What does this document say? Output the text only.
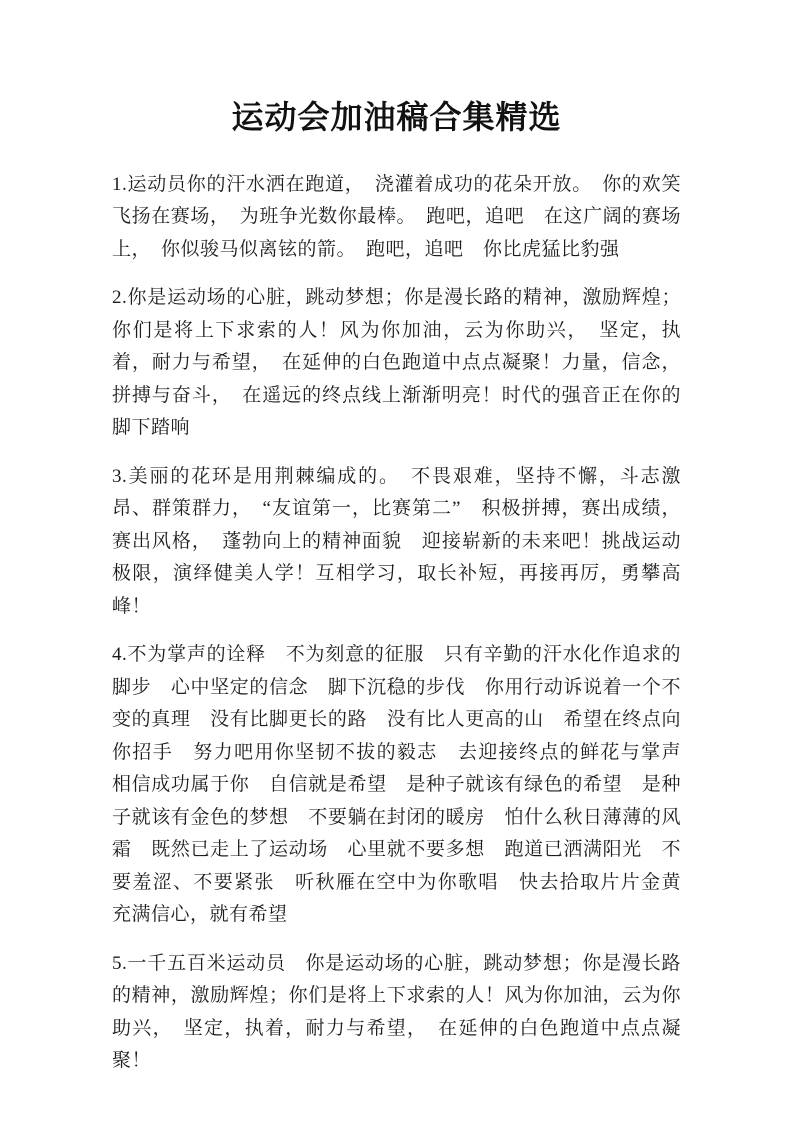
运动会加油稿合集精选

1.运动员你的汗水洒在跑道，　浇灌着成功的花朵开放。　你的欢笑飞扬在赛场，　为班争光数你最棒。　跑吧，追吧　在这广阔的赛场上，　你似骏马似离铉的箭。　跑吧，追吧　你比虎猛比豹强

2.你是运动场的心脏，跳动梦想；你是漫长路的精神，激励辉煌；你们是将上下求索的人！风为你加油，云为你助兴，　坚定，执着，耐力与希望，　在延伸的白色跑道中点点凝聚！力量，信念，拼搏与奋斗，　在遥远的终点线上渐渐明亮！时代的强音正在你的脚下踏响

3.美丽的花环是用荆棘编成的。　不畏艰难，坚持不懈，斗志激昂、群策群力，　“友谊第一，比赛第二”　积极拼搏，赛出成绩，赛出风格，　蓬勃向上的精神面貌　迎接崭新的未来吧！挑战运动极限，演绎健美人学！互相学习，取长补短，再接再厉，勇攀高峰！

4.不为掌声的诠释　不为刻意的征服　只有辛勤的汗水化作追求的脚步　心中坚定的信念　脚下沉稳的步伐　你用行动诉说着一个不变的真理　没有比脚更长的路　没有比人更高的山　希望在终点向你招手　努力吧用你坚韧不拔的毅志　去迎接终点的鲜花与掌声　相信成功属于你　自信就是希望　是种子就该有绿色的希望　是种子就该有金色的梦想　不要躺在封闭的暖房　怕什么秋日薄薄的风霜　既然已走上了运动场　心里就不要多想　跑道已洒满阳光　不要羞涩、不要紧张　听秋雁在空中为你歌唱　快去拾取片片金黄　充满信心，就有希望

5.一千五百米运动员　你是运动场的心脏，跳动梦想；你是漫长路的精神，激励辉煌；你们是将上下求索的人！风为你加油，云为你助兴，　坚定，执着，耐力与希望，　在延伸的白色跑道中点点凝聚！
